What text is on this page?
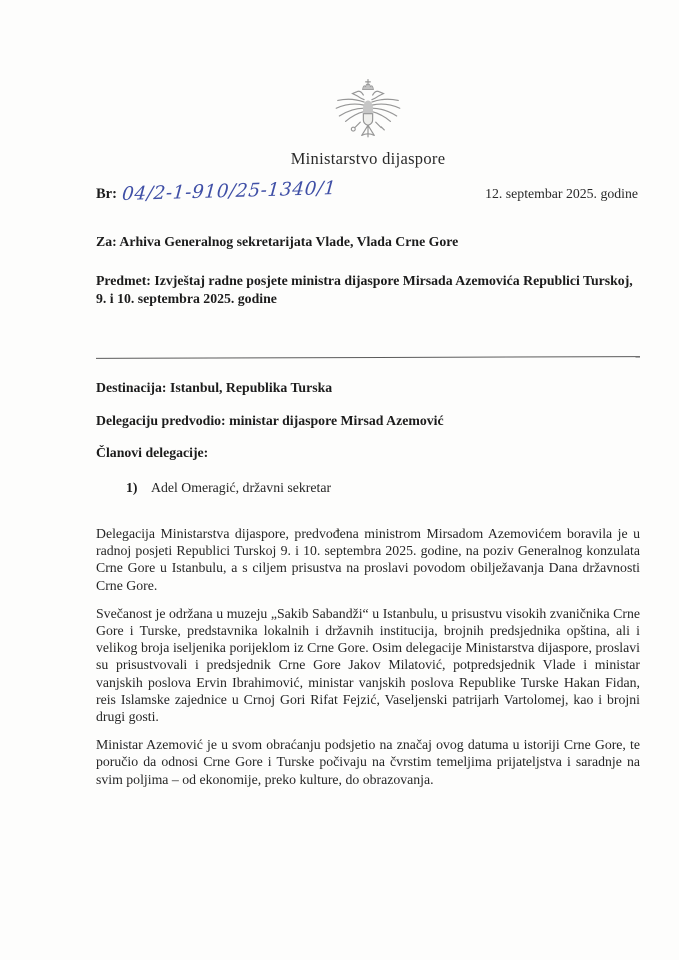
Ministarstvo dijaspore
Br: 04/2-1-910/25-1340/1	12. septembar 2025. godine
Za: Arhiva Generalnog sekretarijata Vlade, Vlada Crne Gore
Predmet: Izvještaj radne posjete ministra dijaspore Mirsada Azemovića Republici Turskoj, 9. i 10. septembra 2025. godine
Destinacija: Istanbul, Republika Turska
Delegaciju predvodio: ministar dijaspore Mirsad Azemović
Članovi delegacije:
1) Adel Omeragić, državni sekretar

Delegacija Ministarstva dijaspore, predvođena ministrom Mirsadom Azemovićem boravila je u radnoj posjeti Republici Turskoj 9. i 10. septembra 2025. godine, na poziv Generalnog konzulata Crne Gore u Istanbulu, a s ciljem prisustva na proslavi povodom obilježavanja Dana državnosti Crne Gore.

Svečanost je održana u muzeju „Sakib Sabandži“ u Istanbulu, u prisustvu visokih zvaničnika Crne Gore i Turske, predstavnika lokalnih i državnih institucija, brojnih predsjednika opština, ali i velikog broja iseljenika porijeklom iz Crne Gore. Osim delegacije Ministarstva dijaspore, proslavi su prisustvovali i predsjednik Crne Gore Jakov Milatović, potpredsjednik Vlade i ministar vanjskih poslova Ervin Ibrahimović, ministar vanjskih poslova Republike Turske Hakan Fidan, reis Islamske zajednice u Crnoj Gori Rifat Fejzić, Vaseljenski patrijarh Vartolomej, kao i brojni drugi gosti.

Ministar Azemović je u svom obraćanju podsjetio na značaj ovog datuma u istoriji Crne Gore, te poručio da odnosi Crne Gore i Turske počivaju na čvrstim temeljima prijateljstva i saradnje na svim poljima – od ekonomije, preko kulture, do obrazovanja.
